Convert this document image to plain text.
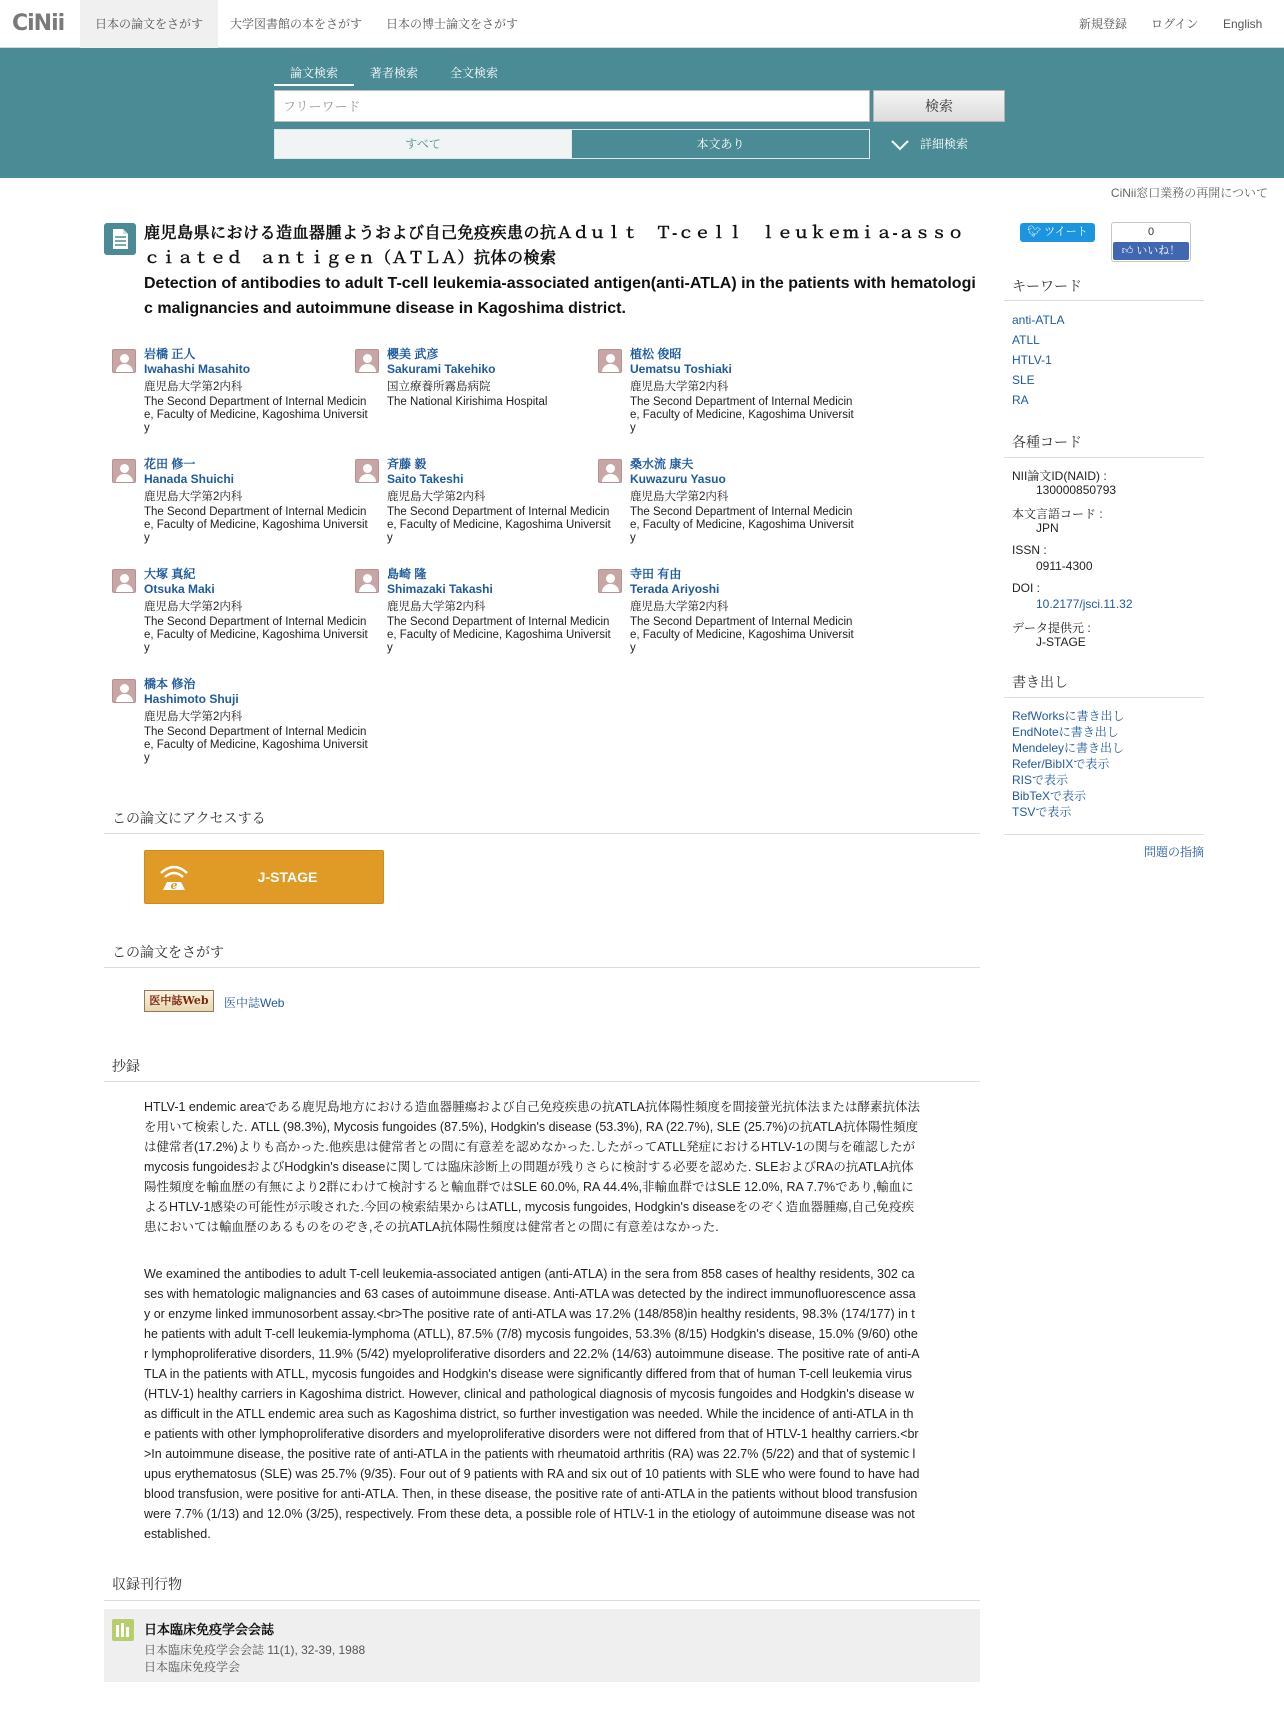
CiNii	日本の論文をさがす	大学図書館の本をさがす	日本の博士論文をさがす	新規登録 ログイン English
論文検索	著者検索	全文検索
フリーワード
検索
すべて	本文あり	詳細検索
CiNii窓口業務の再開について
鹿児島県における造血器腫ようおよび自己免疫疾患の抗Ａｄｕｌｔ　Ｔ-ｃｅｌｌ　ｌｅｕｋｅｍｉａ-ａｓｓｏｃｉａｔｅｄ　ａｎｔｉｇｅｎ（ＡＴＬＡ）抗体の検索
Detection of antibodies to adult T-cell leukemia-associated antigen(anti-ATLA) in the patients with hematologic malignancies and autoimmune disease in Kagoshima district.
🐦︎ ツイート	0
👍︎ いいね！
岩橋 正人
Iwahashi Masahito
鹿児島大学第2内科
The Second Department of Internal Medicine, Faculty of Medicine, Kagoshima University
櫻美 武彦
Sakurami Takehiko
国立療養所霧島病院
The National Kirishima Hospital
植松 俊昭
Uematsu Toshiaki
鹿児島大学第2内科
The Second Department of Internal Medicine, Faculty of Medicine, Kagoshima University
花田 修一
Hanada Shuichi
鹿児島大学第2内科
The Second Department of Internal Medicine, Faculty of Medicine, Kagoshima University
斉藤 毅
Saito Takeshi
鹿児島大学第2内科
The Second Department of Internal Medicine, Faculty of Medicine, Kagoshima University
桑水流 康夫
Kuwazuru Yasuo
鹿児島大学第2内科
The Second Department of Internal Medicine, Faculty of Medicine, Kagoshima University
大塚 真紀
Otsuka Maki
鹿児島大学第2内科
The Second Department of Internal Medicine, Faculty of Medicine, Kagoshima University
島崎 隆
Shimazaki Takashi
鹿児島大学第2内科
The Second Department of Internal Medicine, Faculty of Medicine, Kagoshima University
寺田 有由
Terada Ariyoshi
鹿児島大学第2内科
The Second Department of Internal Medicine, Faculty of Medicine, Kagoshima University
橋本 修治
Hashimoto Shuji
鹿児島大学第2内科
The Second Department of Internal Medicine, Faculty of Medicine, Kagoshima University
この論文にアクセスする
e
J-STAGE
この論文をさがす
医中誌Web	医中誌Web
抄録
HTLV-1 endemic areaである鹿児島地方における造血器腫瘍および自己免疫疾患の抗ATLA抗体陽性頻度を間接螢光抗体法または酵素抗体法を用いて検索した. ATLL (98.3%), Mycosis fungoides (87.5%), Hodgkin's disease (53.3%), RA (22.7%), SLE (25.7%)の抗ATLA抗体陽性頻度は健常者(17.2%)よりも高かった.他疾患は健常者との間に有意差を認めなかった.したがってATLL発症におけるHTLV-1の関与を確認したがmycosis fungoidesおよびHodgkin's diseaseに関しては臨床診断上の問題が残りさらに検討する必要を認めた. SLEおよびRAの抗ATLA抗体陽性頻度を輸血歴の有無により2群にわけて検討すると輸血群ではSLE 60.0%, RA 44.4%,非輸血群ではSLE 12.0%, RA 7.7%であり,輸血によるHTLV-1感染の可能性が示唆された.今回の検索結果からはATLL, mycosis fungoides, Hodgkin's diseaseをのぞく造血器腫瘍,自己免疫疾患においては輸血歴のあるものをのぞき,その抗ATLA抗体陽性頻度は健常者との間に有意差はなかった.
We examined the antibodies to adult T-cell leukemia-associated antigen (anti-ATLA) in the sera from 858 cases of healthy residents, 302 cases with hematologic malignancies and 63 cases of autoimmune disease. Anti-ATLA was detected by the indirect immunofluorescence assay or enzyme linked immunosorbent assay.<br>The positive rate of anti-ATLA was 17.2% (148/858)in healthy residents, 98.3% (174/177) in the patients with adult T-cell leukemia-lymphoma (ATLL), 87.5% (7/8) mycosis fungoides, 53.3% (8/15) Hodgkin's disease, 15.0% (9/60) other lymphoproliferative disorders, 11.9% (5/42) myeloproliferative disorders and 22.2% (14/63) autoimmune disease. The positive rate of anti-ATLA in the patients with ATLL, mycosis fungoides and Hodgkin's disease were significantly differed from that of human T-cell leukemia virus (HTLV-1) healthy carriers in Kagoshima district. However, clinical and pathological diagnosis of mycosis fungoides and Hodgkin's disease was difficult in the ATLL endemic area such as Kagoshima district, so further investigation was needed. While the incidence of anti-ATLA in the patients with other lymphoproliferative disorders and myeloproliferative disorders were not differed from that of HTLV-1 healthy carriers.<br>In autoimmune disease, the positive rate of anti-ATLA in the patients with rheumatoid arthritis (RA) was 22.7% (5/22) and that of systemic lupus erythematosus (SLE) was 25.7% (9/35). Four out of 9 patients with RA and six out of 10 patients with SLE who were found to have had blood transfusion, were positive for anti-ATLA. Then, in these disease, the positive rate of anti-ATLA in the patients without blood transfusion were 7.7% (1/13) and 12.0% (3/25), respectively. From these deta, a possible role of HTLV-1 in the etiology of autoimmune disease was not established.
収録刊行物
日本臨床免疫学会会誌
日本臨床免疫学会会誌 11(1), 32-39, 1988
日本臨床免疫学会
キーワード
anti-ATLA
ATLL
HTLV-1
SLE
RA
各種コード
NII論文ID(NAID) :
130000850793
本文言語コード :
JPN
ISSN :
0911-4300
DOI :
10.2177/jsci.11.32
データ提供元 :
J-STAGE
書き出し
RefWorksに書き出し
EndNoteに書き出し
Mendeleyに書き出し
Refer/BibIXで表示
RISで表示
BibTeXで表示
TSVで表示
問題の指摘
